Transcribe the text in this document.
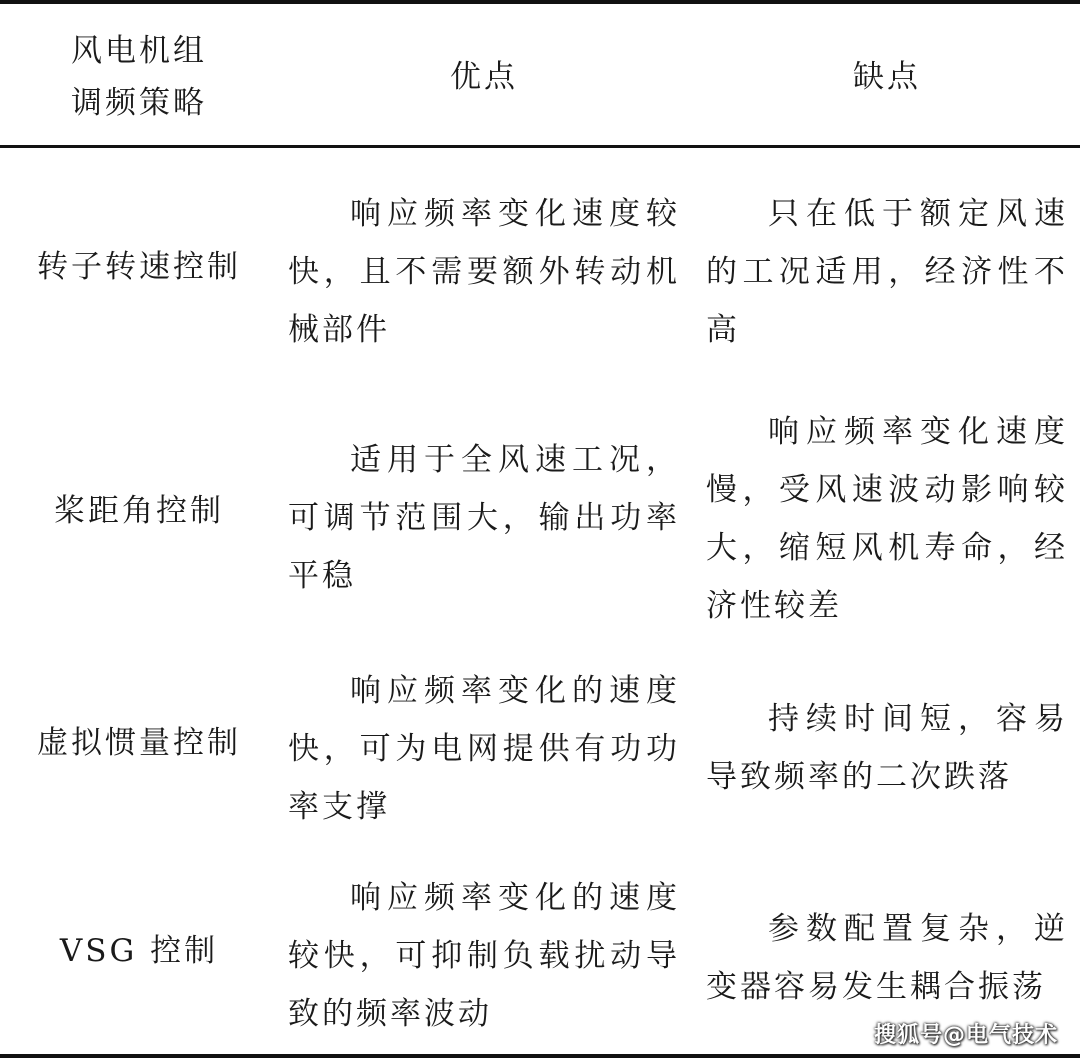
风电机组
调频策略
优点	缺点
转子转速控制
响应频率变化速度较快，且不需要额外转动机械部件
只在低于额定风速的工况适用，经济性不高
桨距角控制
适用于全风速工况，可调节范围大，输出功率平稳
响应频率变化速度慢，受风速波动影响较大，缩短风机寿命，经济性较差
虚拟惯量控制
响应频率变化的速度快，可为电网提供有功功率支撑
持续时间短，容易导致频率的二次跌落
VSG 控制
响应频率变化的速度较快，可抑制负载扰动导致的频率波动
参数配置复杂，逆变器容易发生耦合振荡
搜狐号@电气技术
